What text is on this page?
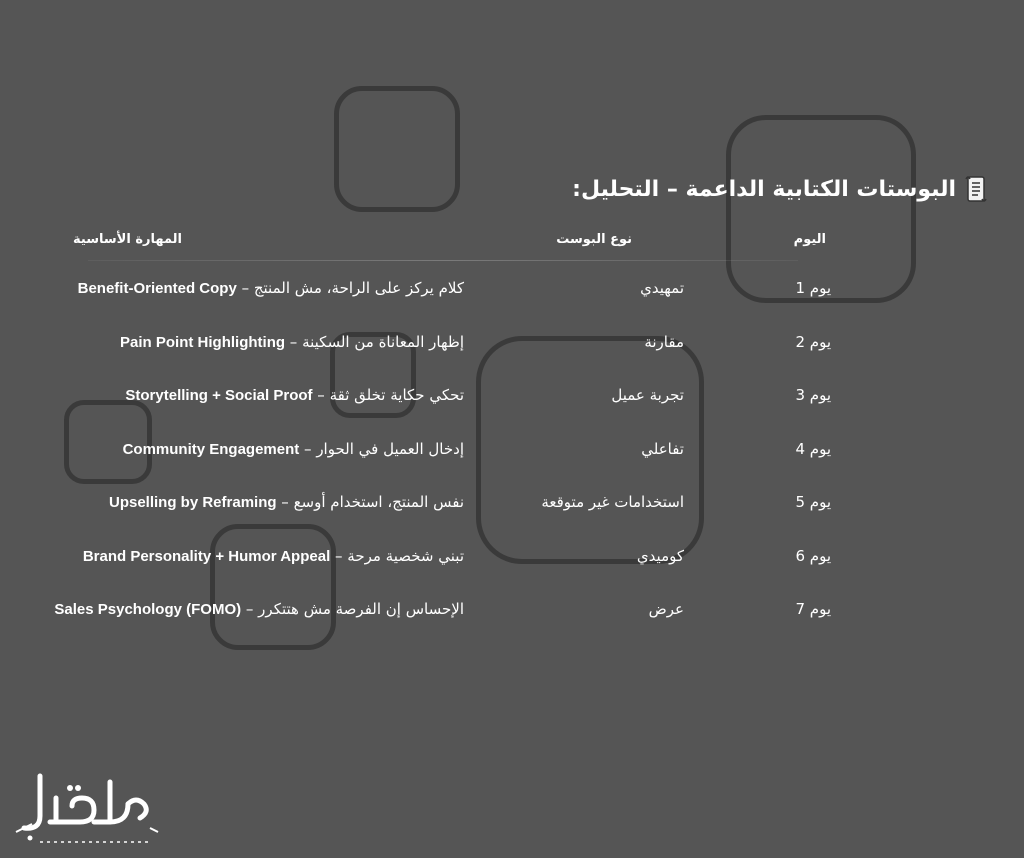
البوستات الكتابية الداعمة – التحليل:
اليوم
نوع البوست
المهارة الأساسية
يوم 1
تمهيدي
Benefit-Oriented Copy – كلام يركز على الراحة، مش المنتج
يوم 2
مقارنة
Pain Point Highlighting – إظهار المعاناة من السكينة
يوم 3
تجربة عميل
Storytelling + Social Proof – تحكي حكاية تخلق ثقة
يوم 4
تفاعلي
Community Engagement – إدخال العميل في الحوار
يوم 5
استخدامات غير متوقعة
Upselling by Reframing – نفس المنتج، استخدام أوسع
يوم 6
كوميدي
Brand Personality + Humor Appeal – تبني شخصية مرحة
يوم 7
عرض
Sales Psychology (FOMO) – الإحساس إن الفرصة مش هتتكرر
